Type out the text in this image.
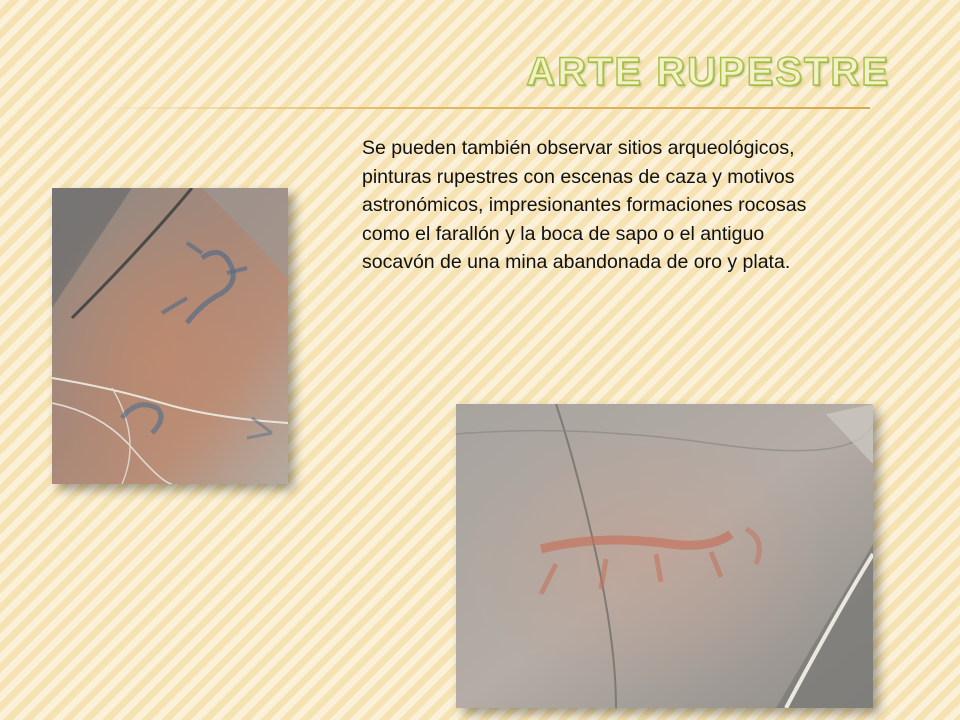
ARTE RUPESTRE
Se pueden también observar sitios arqueológicos, pinturas rupestres con escenas de caza y motivos astronómicos, impresionantes formaciones rocosas como el farallón y la boca de sapo o el antiguo socavón de una mina abandonada de oro y plata.
